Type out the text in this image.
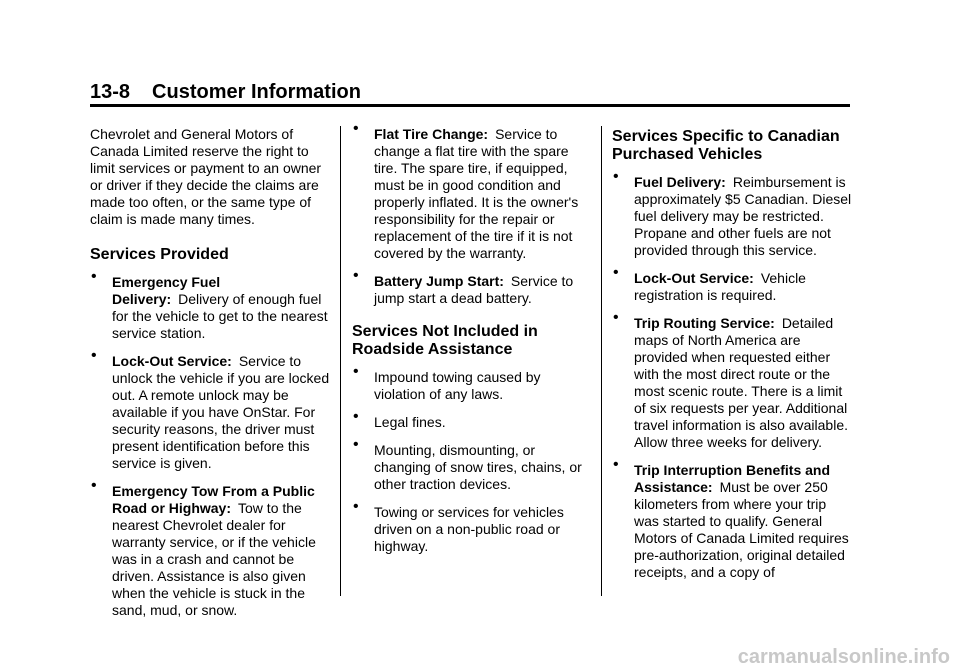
13-8 Customer Information

Chevrolet and General Motors of Canada Limited reserve the right to limit services or payment to an owner or driver if they decide the claims are made too often, or the same type of claim is made many times.

Services Provided
• Emergency Fuel Delivery: Delivery of enough fuel for the vehicle to get to the nearest service station.
• Lock-Out Service: Service to unlock the vehicle if you are locked out. A remote unlock may be available if you have OnStar. For security reasons, the driver must present identification before this service is given.
• Emergency Tow From a Public Road or Highway: Tow to the nearest Chevrolet dealer for warranty service, or if the vehicle was in a crash and cannot be driven. Assistance is also given when the vehicle is stuck in the sand, mud, or snow.
• Flat Tire Change: Service to change a flat tire with the spare tire. The spare tire, if equipped, must be in good condition and properly inflated. It is the owner's responsibility for the repair or replacement of the tire if it is not covered by the warranty.
• Battery Jump Start: Service to jump start a dead battery.
Services Not Included in Roadside Assistance
• Impound towing caused by violation of any laws.
• Legal fines.
• Mounting, dismounting, or changing of snow tires, chains, or other traction devices.
• Towing or services for vehicles driven on a non-public road or highway.
Services Specific to Canadian Purchased Vehicles
• Fuel Delivery: Reimbursement is approximately $5 Canadian. Diesel fuel delivery may be restricted. Propane and other fuels are not provided through this service.
• Lock-Out Service: Vehicle registration is required.
• Trip Routing Service: Detailed maps of North America are provided when requested either with the most direct route or the most scenic route. There is a limit of six requests per year. Additional travel information is also available. Allow three weeks for delivery.
• Trip Interruption Benefits and Assistance: Must be over 250 kilometers from where your trip was started to qualify. General Motors of Canada Limited requires pre-authorization, original detailed receipts, and a copy of
carmanualsonline.info
